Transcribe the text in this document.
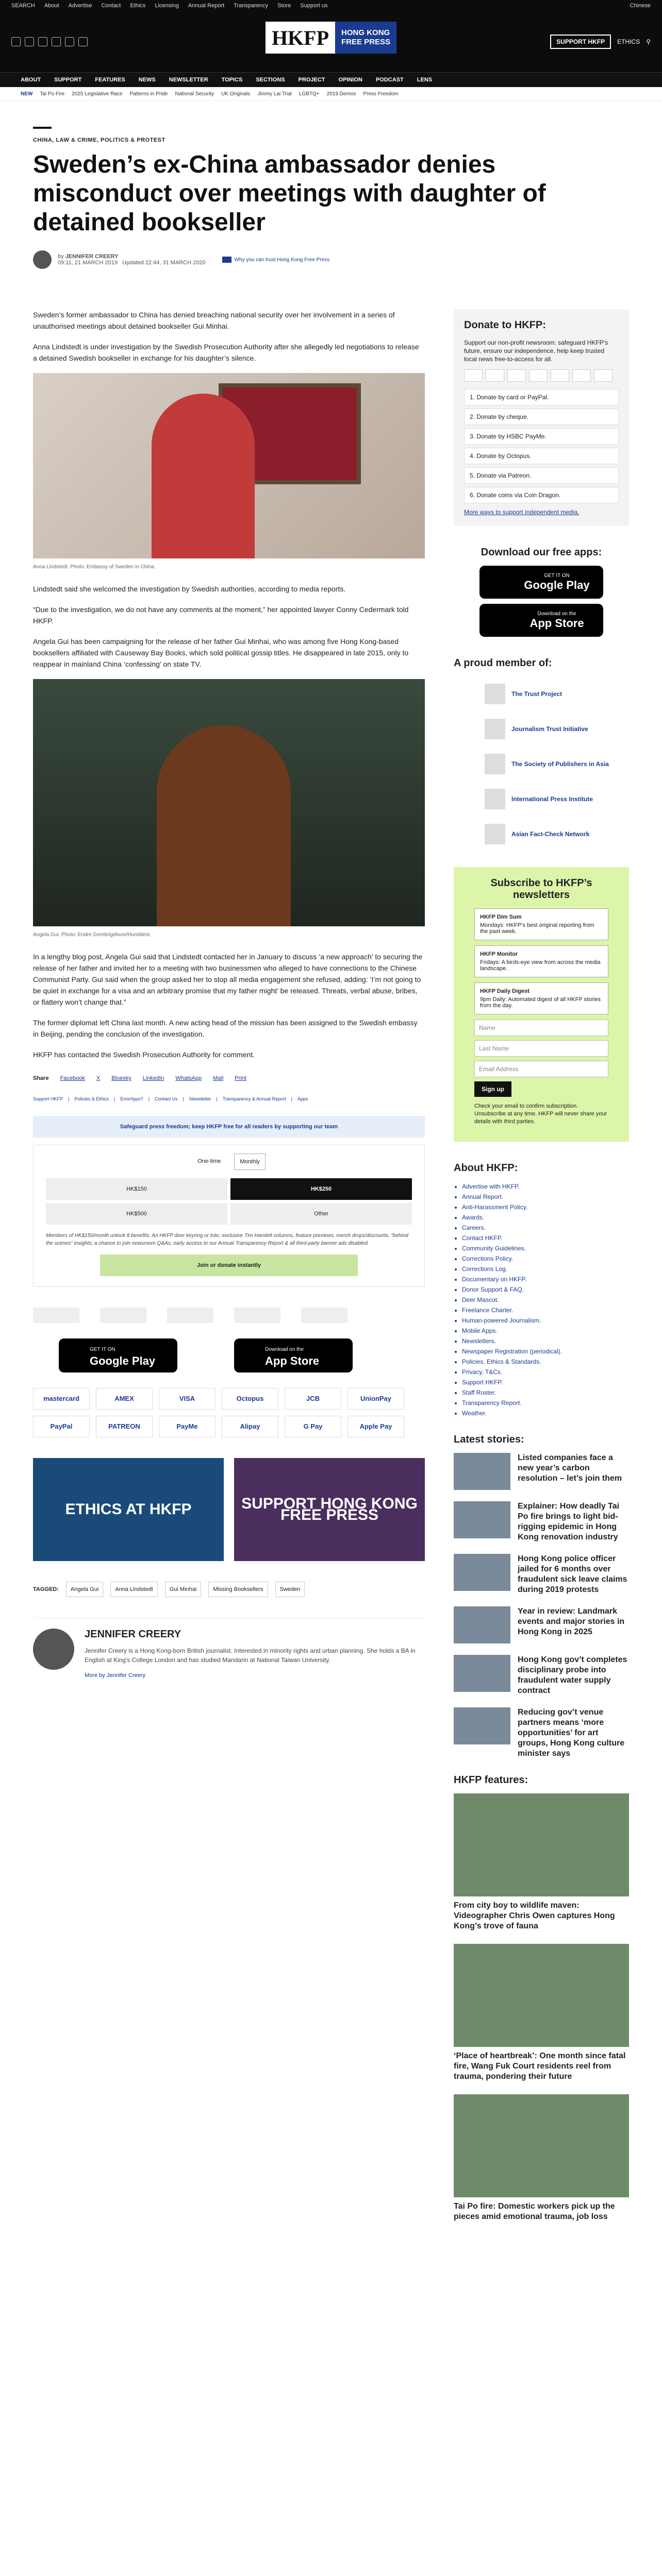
SEARCH About Advertise Contact Ethics Licensing Annual Report Transparency Store Support us	Chinese
HKFP	HONG KONG
FREE PRESS	SUPPORT HKFP	ETHICS ⚲
ABOUT SUPPORT FEATURES NEWS NEWSLETTER TOPICS SECTIONS PROJECT OPINION PODCAST LENS
NEW Tai Po Fire 2025 Legislative Race Patterns in Pride National Security UK Originals Jimmy Lai Trial LGBTQ+ 2019 Demos Press Freedom
CHINA, LAW & CRIME, POLITICS & PROTEST
Sweden’s ex-China ambassador denies misconduct over meetings with daughter of detained bookseller
by JENNIFER CREERY
09:11, 21 MARCH 2019 Updated 22:44, 31 MARCH 2020	Why you can trust Hong Kong Free Press

Sweden’s former ambassador to China has denied breaching national security over her involvement in a series of unauthorised meetings about detained bookseller Gui Minhai.

Anna Lindstedt is under investigation by the Swedish Prosecution Authority after she allegedly led negotiations to release a detained Swedish bookseller in exchange for his daughter’s silence.

Anna Lindstedt. Photo: Embassy of Sweden in China.

Lindstedt said she welcomed the investigation by Swedish authorities, according to media reports.

“Due to the investigation, we do not have any comments at the moment,” her appointed lawyer Conny Cedermark told HKFP.

Angela Gui has been campaigning for the release of her father Gui Minhai, who was among five Hong Kong-based booksellers affiliated with Causeway Bay Books, which sold political gossip titles. He disappeared in late 2015, only to reappear in mainland China ‘confessing’ on state TV.

Angela Gui. Photo: Endre Gerebrigebure/Humbleot.

In a lengthy blog post, Angela Gui said that Lindstedt contacted her in January to discuss ‘a new approach’ to securing the release of her father and invited her to a meeting with two businessmen who alleged to have connections to the Chinese Communist Party. Gui said when the group asked her to stop all media engagement she refused, adding: ‘I’m not going to be quiet in exchange for a visa and an arbitrary promise that my father might’ be released. Threats, verbal abuse, bribes, or flattery won’t change that.”

The former diplomat left China last month. A new acting head of the mission has been assigned to the Swedish embassy in Beijing, pending the conclusion of the investigation.

HKFP has contacted the Swedish Prosecution Authority for comment.

Share Facebook X Bluesky LinkedIn WhatsApp Mail Print
Support HKFP | Policies & Ethics | Error/typo? | Contact Us | Newsletter | Transparency & Annual Report | Apps
Safeguard press freedom; keep HKFP free for all readers by supporting our team
One-time	Monthly
HK$150	HK$250
HK$500	Other
Members of HK$150/month unlock 8 benefits: An HKFP deer keyring or tote; exclusive Tim Hamlett columns, feature previews, merch drops/discounts, “behind the scenes” insights; a chance to join newsroom Q&As; early access to our Annual Transparency Report & all third-party banner ads disabled.
Join or donate instantly
GET IT ON
Google Play
Download on the
App Store
mastercard	AMEX	VISA	Octopus	JCB	UnionPay
PayPal	PATREON	PayMe	Alipay	G Pay	Apple Pay
ETHICS AT HKFP	SUPPORT HONG KONG FREE PRESS
TAGGED:	Angela Gui	Anna Lindstedt	Gui Minhai	Missing Booksellers	Sweden
JENNIFER CREERY

Jennifer Creery is a Hong Kong-born British journalist. Interested in minority rights and urban planning. She holds a BA in English at King's College London and has studied Mandarin at National Taiwan University.

More by Jennifer Creery
Donate to HKFP:

Support our non-profit newsroom: safeguard HKFP’s future, ensure our independence, help keep trusted local news free-to-access for all.

1. Donate by card or PayPal.
2. Donate by cheque.
3. Donate by HSBC PayMe.
4. Donate by Octopus.
5. Donate via Patreon.
6. Donate coins via Coin Dragon.
More ways to support independent media.
Download our free apps:
GET IT ON
Google Play
Download on the
App Store
A proud member of:
The Trust Project
Journalism Trust Initiative
The Society of Publishers in Asia
International Press Institute
Asian Fact-Check Network
Subscribe to HKFP’s newsletters
HKFP Dim Sum
Mondays: HKFP’s best original reporting from the past week.
HKFP Monitor
Fridays: A birds-eye view from across the media landscape.
HKFP Daily Digest
9pm Daily: Automated digest of all HKFP stories from the day.
Name
Last Name
Email Address
Sign up

Check your email to confirm subscription. Unsubscribe at any time. HKFP will never share your details with third parties.

About HKFP:
• Advertise with HKFP.
• Annual Report.
• Anti-Harassment Policy.
• Awards.
• Careers.
• Contact HKFP.
• Community Guidelines.
• Corrections Policy.
• Corrections Log.
• Documentary on HKFP.
• Donor Support & FAQ.
• Deer Mascot.
• Freelance Charter.
• Human-powered Journalism.
• Mobile Apps.
• Newsletters.
• Newspaper Registration (periodical).
• Policies, Ethics & Standards.
• Privacy, T&Cs.
• Support HKFP.
• Staff Roster.
• Transparency Report.
• Weather.
Latest stories:
Listed companies face a new year’s carbon resolution – let’s join them
Explainer: How deadly Tai Po fire brings to light bid-rigging epidemic in Hong Kong renovation industry
Hong Kong police officer jailed for 6 months over fraudulent sick leave claims during 2019 protests
Year in review: Landmark events and major stories in Hong Kong in 2025
Hong Kong gov’t completes disciplinary probe into fraudulent water supply contract
Reducing gov’t venue partners means ‘more opportunities’ for art groups, Hong Kong culture minister says
HKFP features:
From city boy to wildlife maven: Videographer Chris Owen captures Hong Kong’s trove of fauna
‘Place of heartbreak’: One month since fatal fire, Wang Fuk Court residents reel from trauma, pondering their future
Tai Po fire: Domestic workers pick up the pieces amid emotional trauma, job loss
